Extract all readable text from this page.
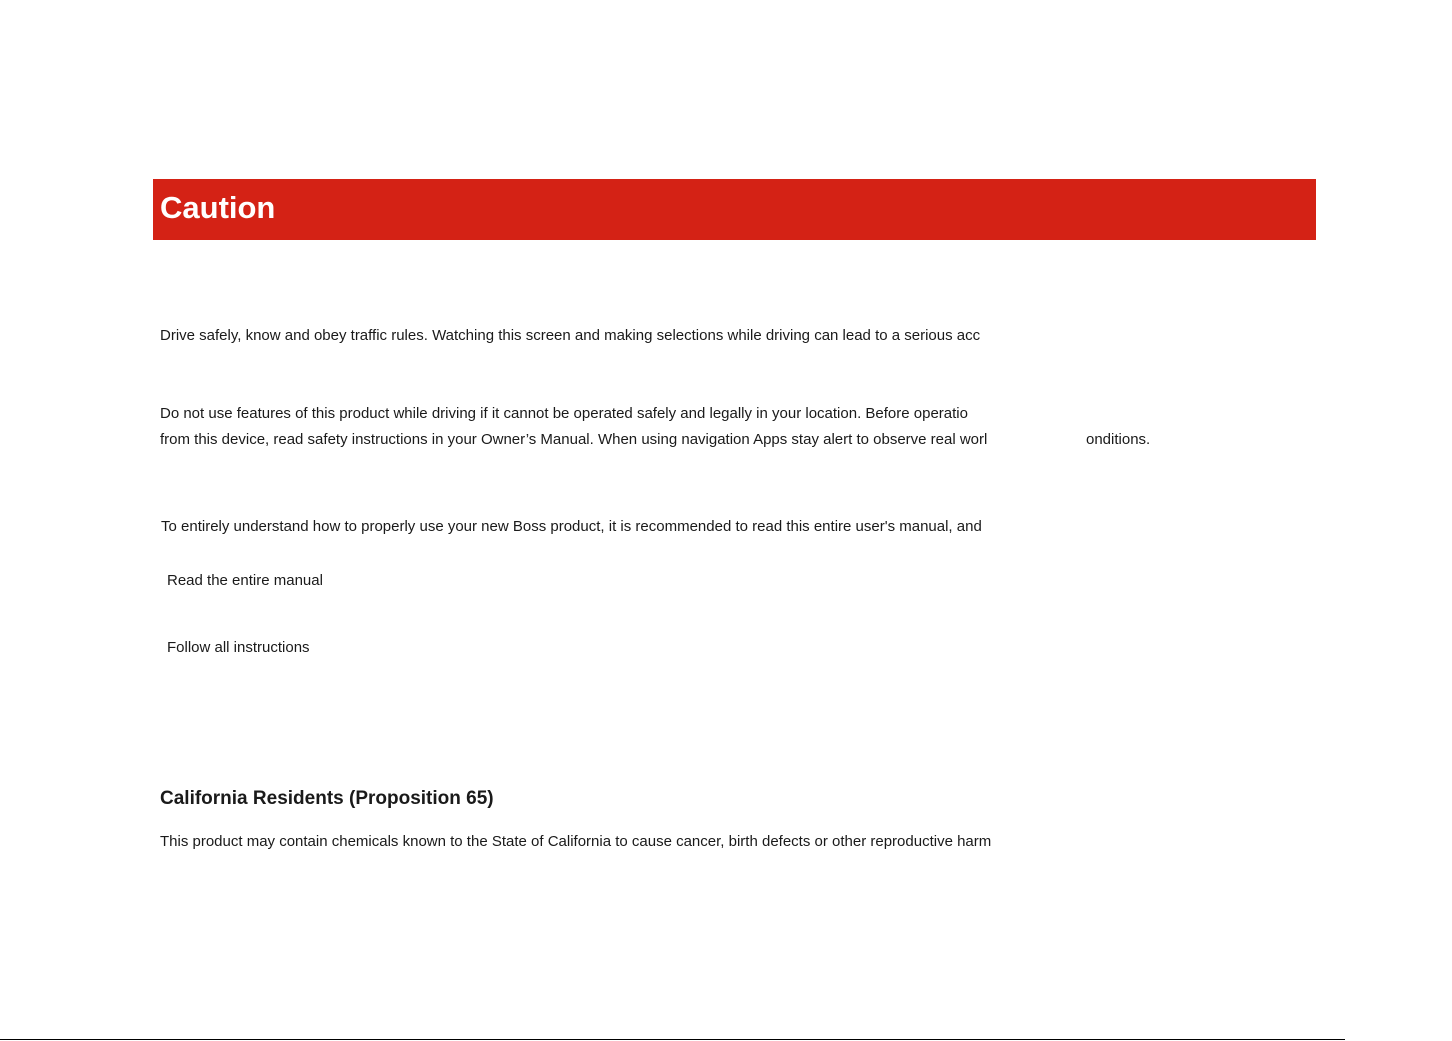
Caution
Drive safely, know and obey traffic rules. Watching this screen and making selections while driving can lead to a serious acc
Do not use features of this product while driving if it cannot be operated safely and legally in your location. Before operatio
from this device, read safety instructions in your Owner’s Manual. When using navigation Apps stay alert to observe real worl	onditions.
To entirely understand how to properly use your new Boss product, it is recommended to read this entire user's manual, and
Read the entire manual
Follow all instructions
California Residents (Proposition 65)
This product may contain chemicals known to the State of California to cause cancer, birth defects or other reproductive harm
